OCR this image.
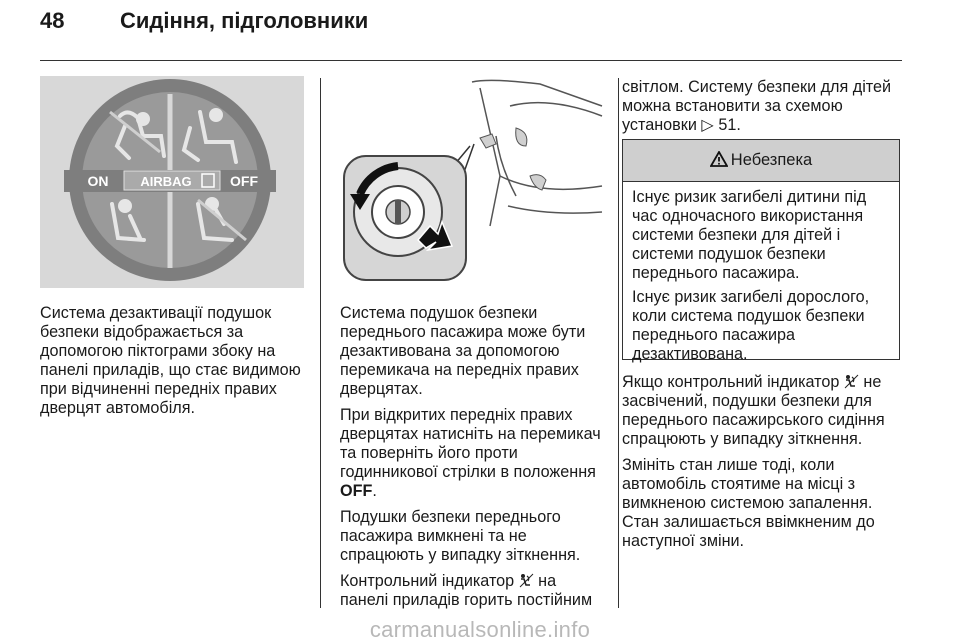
48	Сидіння, підголовники
ON AIRBAG	OFF

Система дезактивації подушок безпеки відображається за допомогою піктограми збоку на панелі приладів, що стає видимою при відчиненні передніх правих дверцят автомобіля.

Система подушок безпеки переднього пасажира може бути дезактивована за допомогою перемикача на передніх правих дверцятах.

При відкритих передніх правих дверцятах натисніть на перемикач та поверніть його проти годинникової стрілки в положення OFF.

Подушки безпеки переднього пасажира вимкнені та не спрацюють у випадку зіткнення.

Контрольний індикатор  на панелі приладів горить постійним

світлом. Систему безпеки для дітей можна встановити за схемою установки ▷ 51.

Небезпека

Існує ризик загибелі дитини під час одночасного використання системи безпеки для дітей і системи подушок безпеки переднього пасажира.

Існує ризик загибелі дорослого, коли система подушок безпеки переднього пасажира дезактивована.

Якщо контрольний індикатор  не засвічений, подушки безпеки для переднього пасажирського сидіння спрацюють у випадку зіткнення.

Змініть стан лише тоді, коли автомобіль стоятиме на місці з вимкненою системою запалення. Стан залишається ввімкненим до наступної зміни.

carmanualsonline.info
